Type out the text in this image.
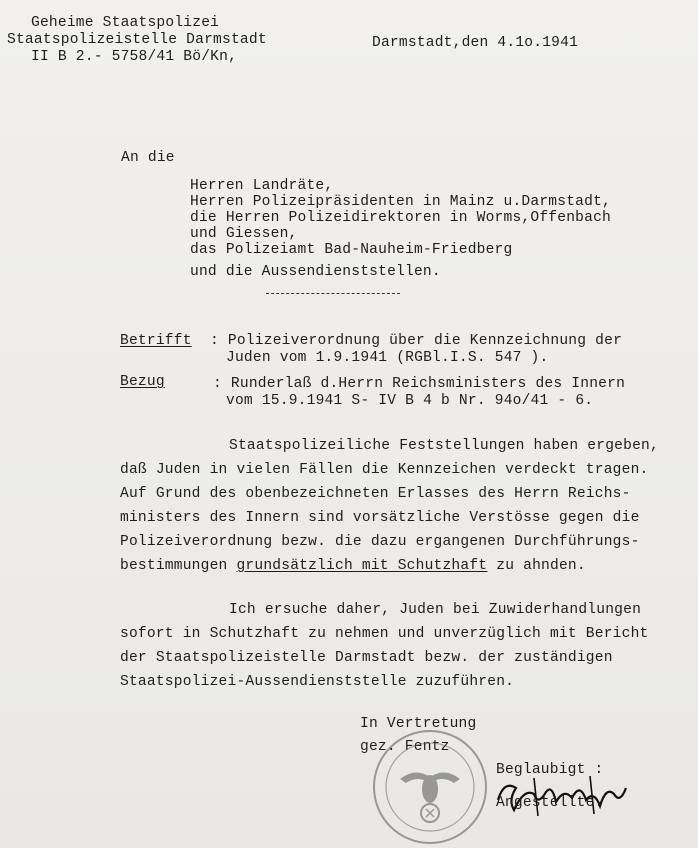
Geheime Staatspolizei
Staatspolizeistelle Darmstadt
II B 2.- 5758/41 Bö/Kn,
Darmstadt,den 4.1o.1941
An die
Herren Landräte,
Herren Polizeipräsidenten in Mainz u.Darmstadt,
die Herren Polizeidirektoren in Worms,Offenbach
und Giessen,
das Polizeiamt Bad-Nauheim-Friedberg
und die Aussendienststellen.
Betrifft : Polizeiverordnung über die Kennzeichnung der
Juden vom 1.9.1941 (RGBl.I.S. 547 ).
Bezug	: Runderlaß d.Herrn Reichsministers des Innern
vom 15.9.1941 S- IV B 4 b Nr. 94o/41 - 6.
Staatspolizeiliche Feststellungen haben ergeben,
daß Juden in vielen Fällen die Kennzeichen verdeckt tragen.
Auf Grund des obenbezeichneten Erlasses des Herrn Reichs-
ministers des Innern sind vorsätzliche Verstösse gegen die
Polizeiverordnung bezw. die dazu ergangenen Durchführungs-
bestimmungen grundsätzlich mit Schutzhaft zu ahnden.
Ich ersuche daher, Juden bei Zuwiderhandlungen
sofort in Schutzhaft zu nehmen und unverzüglich mit Bericht
der Staatspolizeistelle Darmstadt bezw. der zuständigen
Staatspolizei-Aussendienststelle zuzuführen.
In Vertretung
gez. Fentz
Beglaubigt :
Angestellte.
